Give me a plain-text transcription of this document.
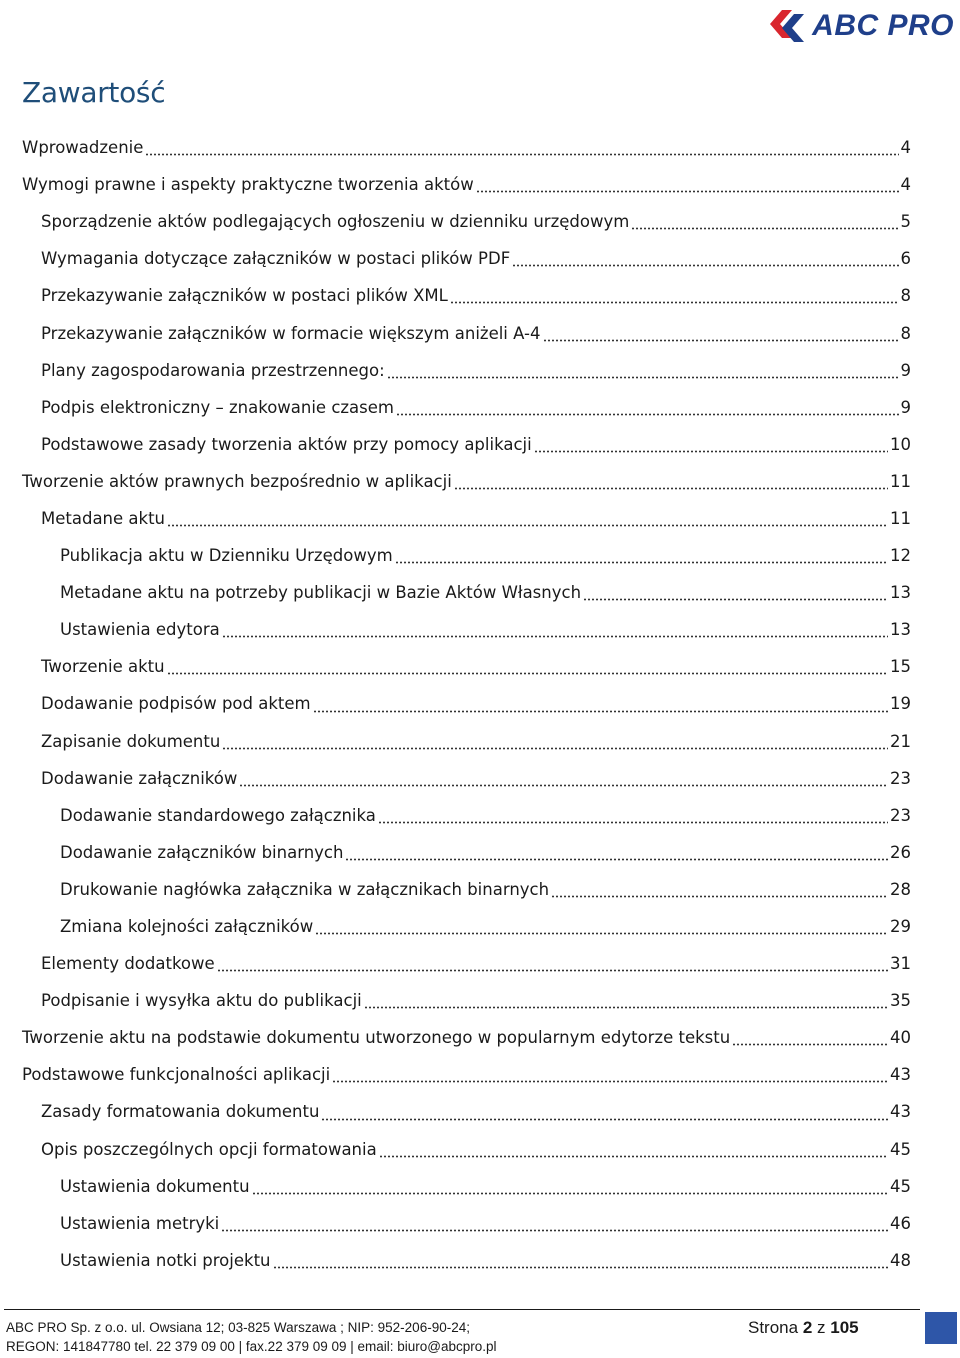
ABC PRO
Zawartość
Wprowadzenie	4
Wymogi prawne i aspekty praktyczne tworzenia aktów	4
Sporządzenie aktów podlegających ogłoszeniu w dzienniku urzędowym	5
Wymagania dotyczące załączników w postaci plików PDF	6
Przekazywanie załączników w postaci plików XML	8
Przekazywanie załączników w formacie większym aniżeli A-4	8
Plany zagospodarowania przestrzennego:	9
Podpis elektroniczny – znakowanie czasem	9
Podstawowe zasady tworzenia aktów przy pomocy aplikacji	10
Tworzenie aktów prawnych bezpośrednio w aplikacji	11
Metadane aktu	11
Publikacja aktu w Dzienniku Urzędowym	12
Metadane aktu na potrzeby publikacji w Bazie Aktów Własnych	13
Ustawienia edytora	13
Tworzenie aktu	15
Dodawanie podpisów pod aktem	19
Zapisanie dokumentu	21
Dodawanie załączników	23
Dodawanie standardowego załącznika	23
Dodawanie załączników binarnych	26
Drukowanie nagłówka załącznika w załącznikach binarnych	28
Zmiana kolejności załączników	29
Elementy dodatkowe	31
Podpisanie i wysyłka aktu do publikacji	35
Tworzenie aktu na podstawie dokumentu utworzonego w popularnym edytorze tekstu	40
Podstawowe funkcjonalności aplikacji	43
Zasady formatowania dokumentu	43
Opis poszczególnych opcji formatowania	45
Ustawienia dokumentu	45
Ustawienia metryki	46
Ustawienia notki projektu	48
ABC PRO Sp. z o.o. ul. Owsiana 12; 03-825 Warszawa ; NIP: 952-206-90-24;
REGON: 141847780 tel. 22 379 09 00 | fax.22 379 09 09 | email: biuro@abcpro.pl
Strona 2 z 105
